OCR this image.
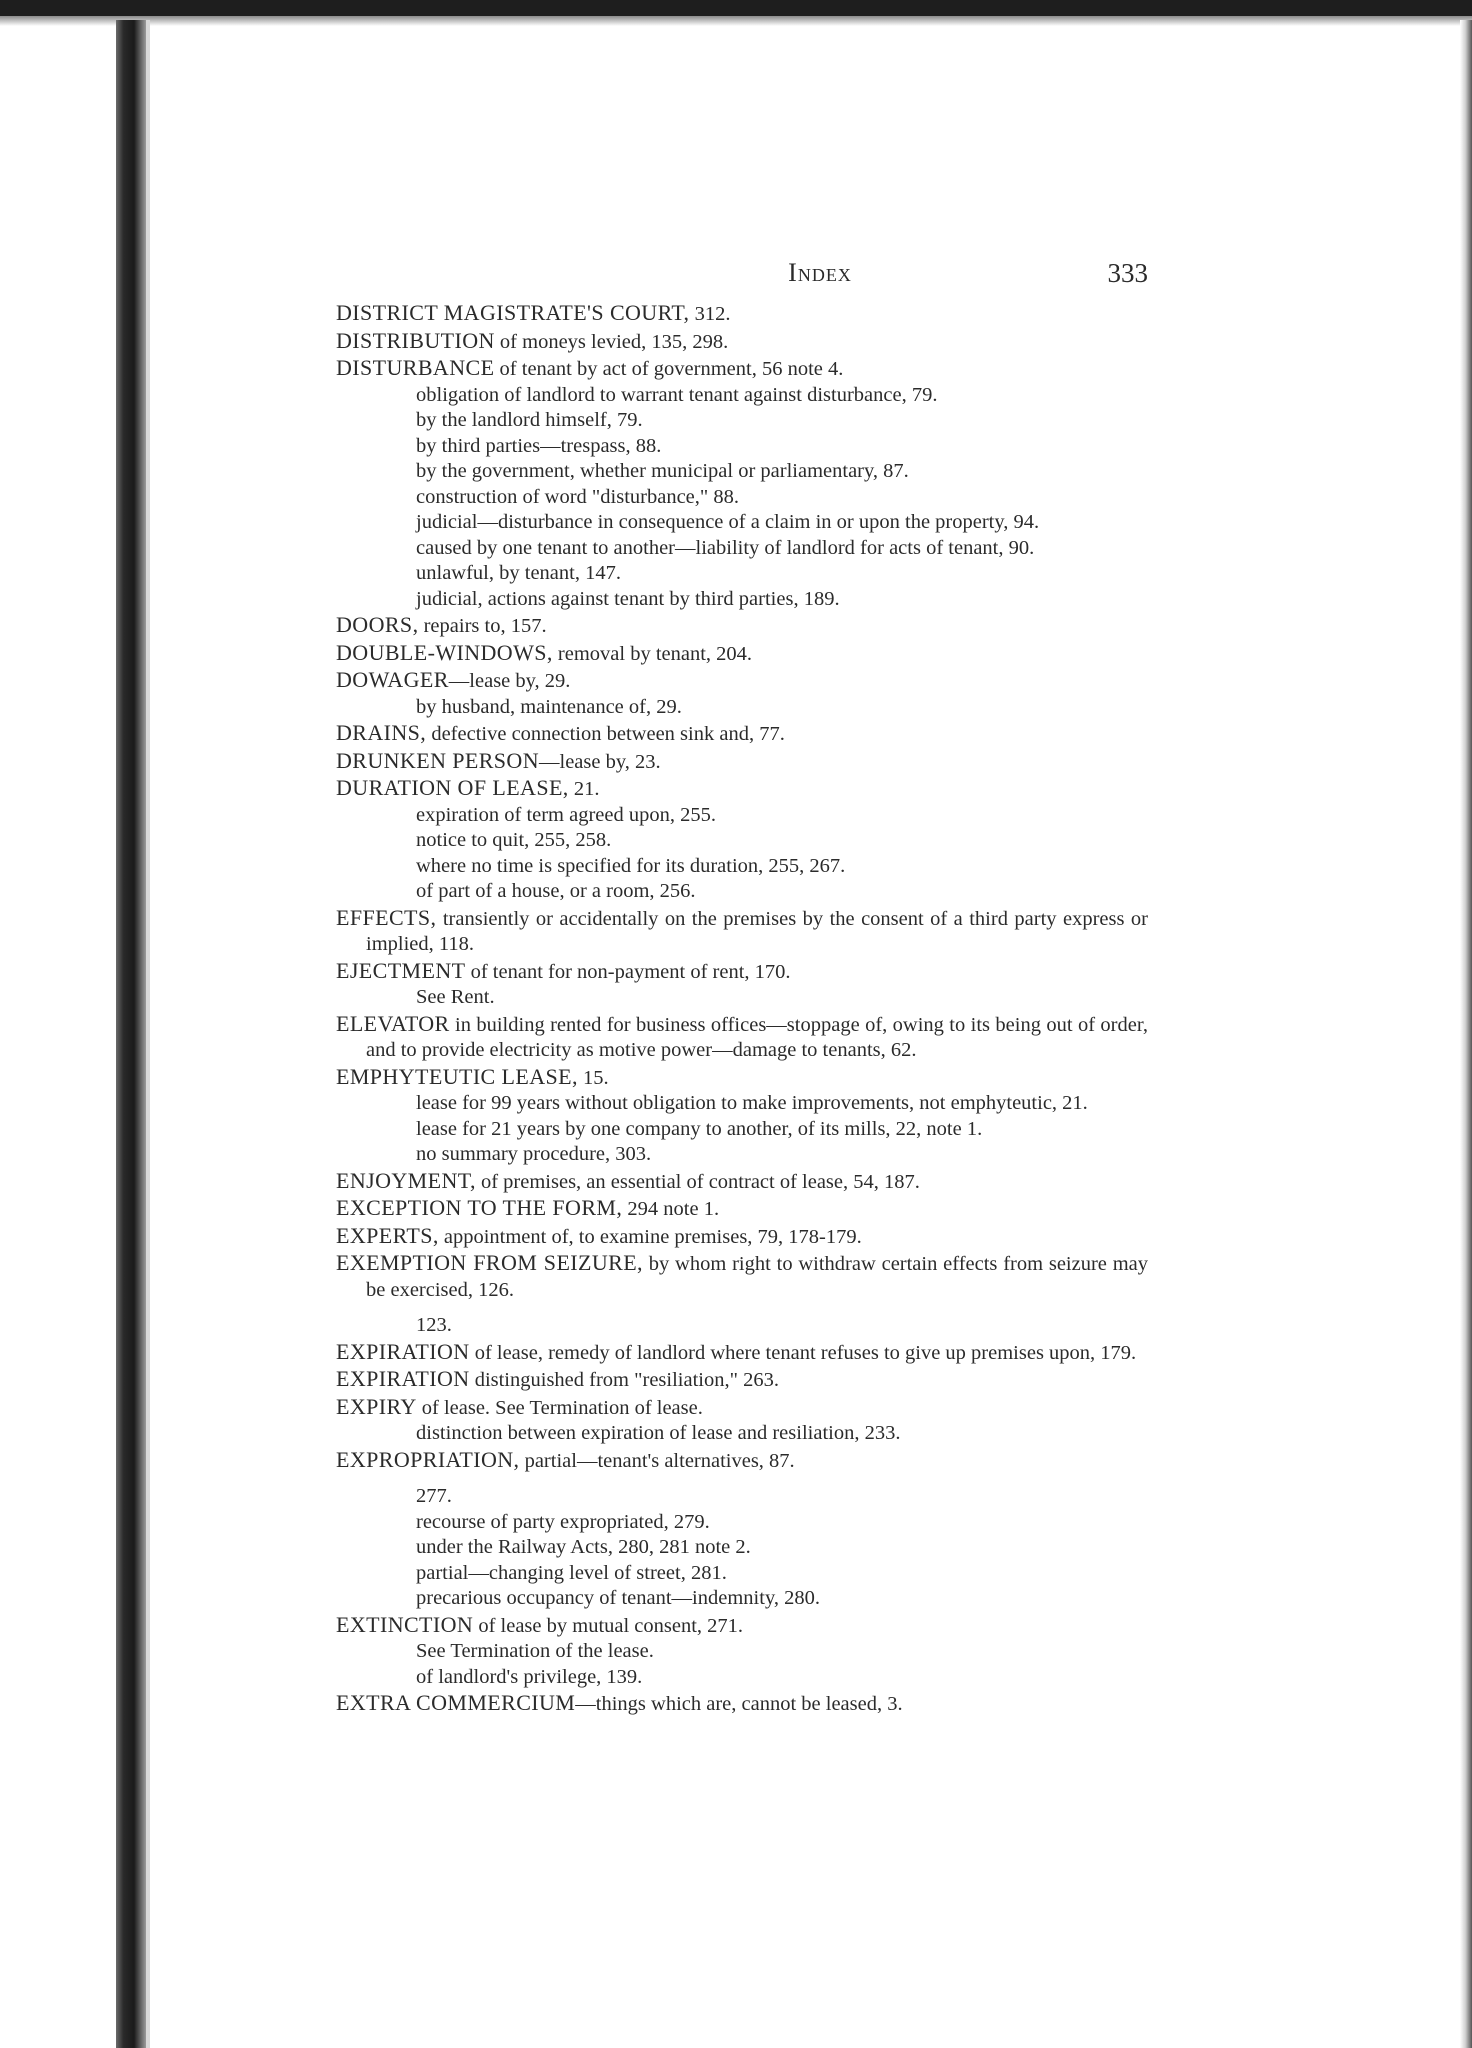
Index	333
DISTRICT MAGISTRATE'S COURT, 312.
DISTRIBUTION of moneys levied, 135, 298.
DISTURBANCE of tenant by act of government, 56 note 4.
obligation of landlord to warrant tenant against disturbance, 79.
by the landlord himself, 79.
by third parties—trespass, 88.
by the government, whether municipal or parliamentary, 87.
construction of word "disturbance," 88.
judicial—disturbance in consequence of a claim in or upon the property, 94.
caused by one tenant to another—liability of landlord for acts of tenant, 90.
unlawful, by tenant, 147.
judicial, actions against tenant by third parties, 189.
DOORS, repairs to, 157.
DOUBLE-WINDOWS, removal by tenant, 204.
DOWAGER—lease by, 29.
by husband, maintenance of, 29.
DRAINS, defective connection between sink and, 77.
DRUNKEN PERSON—lease by, 23.
DURATION OF LEASE, 21.
expiration of term agreed upon, 255.
notice to quit, 255, 258.
where no time is specified for its duration, 255, 267.
of part of a house, or a room, 256.
EFFECTS, transiently or accidentally on the premises by the consent of a third party express or implied, 118.
EJECTMENT of tenant for non-payment of rent, 170.
See Rent.
ELEVATOR in building rented for business offices—stoppage of, owing to its being out of order, and to provide electricity as motive power—damage to tenants, 62.
EMPHYTEUTIC LEASE, 15.
lease for 99 years without obligation to make improvements, not emphyteutic, 21.
lease for 21 years by one company to another, of its mills, 22, note 1.
no summary procedure, 303.
ENJOYMENT, of premises, an essential of contract of lease, 54, 187.
EXCEPTION TO THE FORM, 294 note 1.
EXPERTS, appointment of, to examine premises, 79, 178-179.
EXEMPTION FROM SEIZURE, by whom right to withdraw certain effects from seizure may be exercised, 126.
123.
EXPIRATION of lease, remedy of landlord where tenant refuses to give up premises upon, 179.
EXPIRATION distinguished from "resiliation," 263.
EXPIRY of lease. See Termination of lease.
distinction between expiration of lease and resiliation, 233.
EXPROPRIATION, partial—tenant's alternatives, 87.
277.
recourse of party expropriated, 279.
under the Railway Acts, 280, 281 note 2.
partial—changing level of street, 281.
precarious occupancy of tenant—indemnity, 280.
EXTINCTION of lease by mutual consent, 271.
See Termination of the lease.
of landlord's privilege, 139.
EXTRA COMMERCIUM—things which are, cannot be leased, 3.
